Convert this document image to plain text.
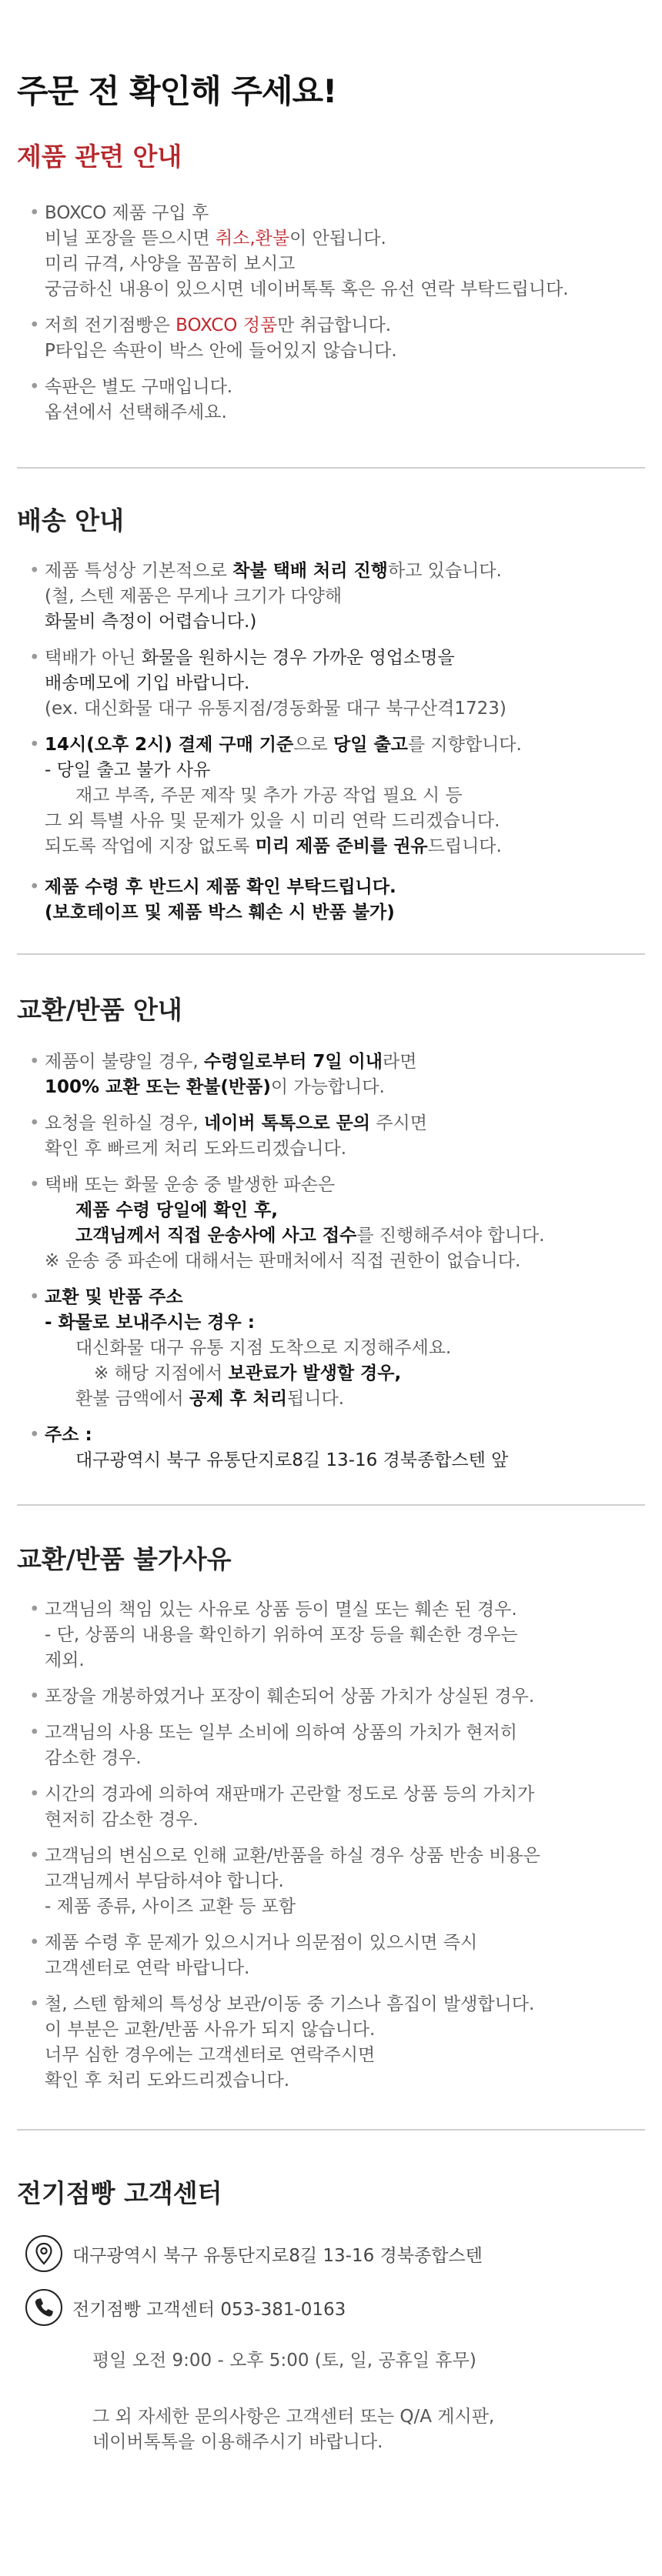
주문 전 확인해 주세요!
제품 관련 안내
• BOXCO 제품 구입 후
비닐 포장을 뜯으시면 취소,환불이 안됩니다.
미리 규격, 사양을 꼼꼼히 보시고
궁금하신 내용이 있으시면 네이버톡톡 혹은 유선 연락 부탁드립니다.
• 저희 전기점빵은 BOXCO 정품만 취급합니다.
P타입은 속판이 박스 안에 들어있지 않습니다.
• 속판은 별도 구매입니다.
옵션에서 선택해주세요.
배송 안내
• 제품 특성상 기본적으로 착불 택배 처리 진행하고 있습니다.
(철, 스텐 제품은 무게나 크기가 다양해
화물비 측정이 어렵습니다.)
• 택배가 아닌 화물을 원하시는 경우 가까운 영업소명을
배송메모에 기입 바랍니다.
(ex. 대신화물 대구 유통지점/경동화물 대구 북구산격1723)
• 14시(오후 2시) 결제 구매 기준으로 당일 출고를 지향합니다.
- 당일 출고 불가 사유
재고 부족, 주문 제작 및 추가 가공 작업 필요 시 등
그 외 특별 사유 및 문제가 있을 시 미리 연락 드리겠습니다.
되도록 작업에 지장 없도록 미리 제품 준비를 권유드립니다.
• 제품 수령 후 반드시 제품 확인 부탁드립니다.
(보호테이프 및 제품 박스 훼손 시 반품 불가)
교환/반품 안내
• 제품이 불량일 경우, 수령일로부터 7일 이내라면
100% 교환 또는 환불(반품)이 가능합니다.
• 요청을 원하실 경우, 네이버 톡톡으로 문의 주시면
확인 후 빠르게 처리 도와드리겠습니다.
• 택배 또는 화물 운송 중 발생한 파손은
제품 수령 당일에 확인 후,
고객님께서 직접 운송사에 사고 접수를 진행해주셔야 합니다.
※ 운송 중 파손에 대해서는 판매처에서 직접 권한이 없습니다.
• 교환 및 반품 주소
- 화물로 보내주시는 경우 :
대신화물 대구 유통 지점 도착으로 지정해주세요.
※ 해당 지점에서 보관료가 발생할 경우,
환불 금액에서 공제 후 처리됩니다.
• 주소 :
대구광역시 북구 유통단지로8길 13-16 경북종합스텐 앞
교환/반품 불가사유
• 고객님의 책임 있는 사유로 상품 등이 멸실 또는 훼손 된 경우.
- 단, 상품의 내용을 확인하기 위하여 포장 등을 훼손한 경우는
제외.
• 포장을 개봉하였거나 포장이 훼손되어 상품 가치가 상실된 경우.
• 고객님의 사용 또는 일부 소비에 의하여 상품의 가치가 현저히
감소한 경우.
• 시간의 경과에 의하여 재판매가 곤란할 정도로 상품 등의 가치가
현저히 감소한 경우.
• 고객님의 변심으로 인해 교환/반품을 하실 경우 상품 반송 비용은
고객님께서 부담하셔야 합니다.
- 제품 종류, 사이즈 교환 등 포함
• 제품 수령 후 문제가 있으시거나 의문점이 있으시면 즉시
고객센터로 연락 바랍니다.
• 철, 스텐 함체의 특성상 보관/이동 중 기스나 흠집이 발생합니다.
이 부분은 교환/반품 사유가 되지 않습니다.
너무 심한 경우에는 고객센터로 연락주시면
확인 후 처리 도와드리겠습니다.
전기점빵 고객센터
대구광역시 북구 유통단지로8길 13-16 경북종합스텐
전기점빵 고객센터 053-381-0163

평일 오전 9:00 - 오후 5:00 (토, 일, 공휴일 휴무)

그 외 자세한 문의사항은 고객센터 또는 Q/A 게시판,

네이버톡톡을 이용해주시기 바랍니다.
